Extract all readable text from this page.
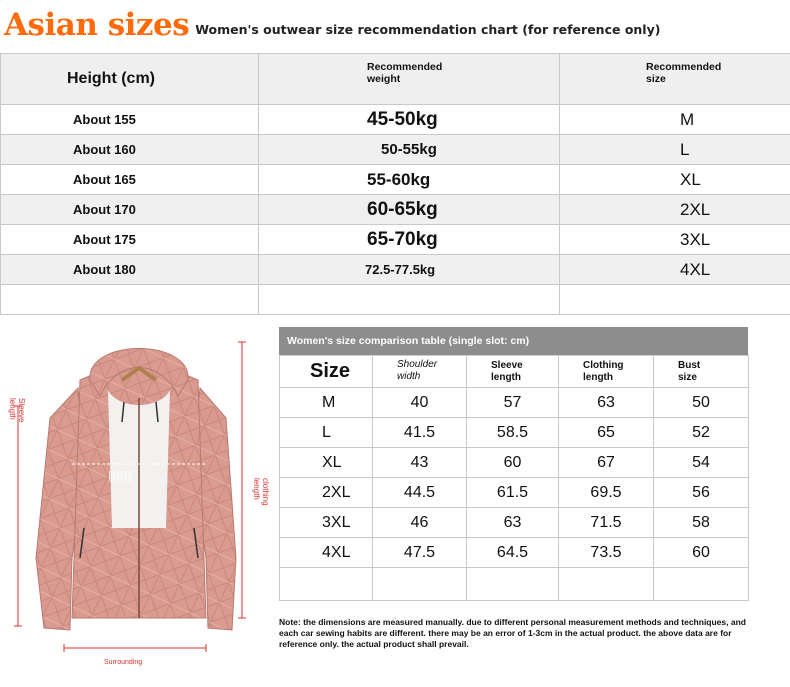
Asian sizes Women's outwear size recommendation chart (for reference only)
Height (cm)	Recommended weight	Recommended size
About 155	45-50kg	M
About 160	50-55kg	L
About 165	55-60kg	XL
About 170	60-65kg	2XL
About 175	65-70kg	3XL
About 180	72.5-77.5kg	4XL

Sleeve length
clothing length
胸围
Surrounding
Women's size comparison table (single slot: cm)
Size	Shoulder width	Sleeve length	Clothing length	Bust size
M	40	57	63	50
L	41.5	58.5	65	52
XL	43	60	67	54
2XL	44.5	61.5	69.5	56
3XL	46	63	71.5	58
4XL	47.5	64.5	73.5	60

Note: the dimensions are measured manually. due to different personal measurement methods and techniques, and each car sewing habits are different. there may be an error of 1-3cm in the actual product. the above data are for reference only. the actual product shall prevail.
